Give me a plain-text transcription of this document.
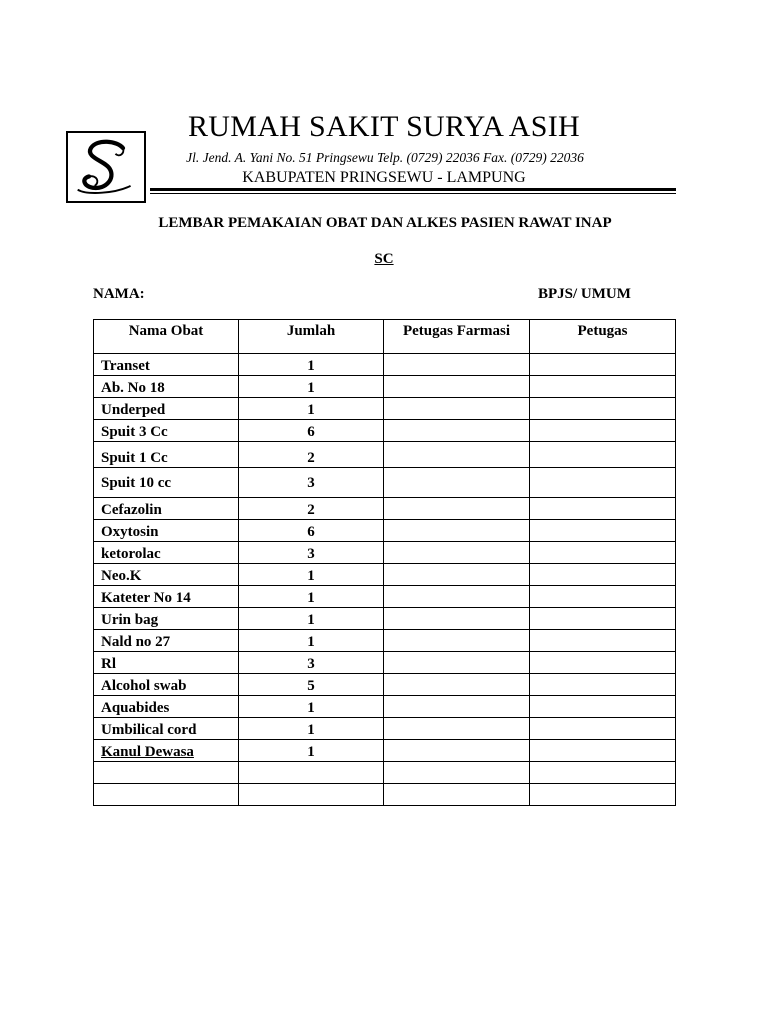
RUMAH SAKIT SURYA ASIH
Jl. Jend. A. Yani No. 51 Pringsewu Telp. (0729) 22036 Fax. (0729) 22036
KABUPATEN PRINGSEWU - LAMPUNG
LEMBAR PEMAKAIAN OBAT DAN ALKES PASIEN RAWAT INAP
SC
NAMA:	BPJS/ UMUM
Nama Obat	Jumlah	Petugas Farmasi	Petugas
Transet	1		
Ab. No 18	1		
Underped	1		
Spuit 3 Cc	6		
Spuit 1 Cc	2		
Spuit 10 cc	3		
Cefazolin	2		
Oxytosin	6		
ketorolac	3		
Neo.K	1		
Kateter No 14	1		
Urin bag	1		
Nald no 27	1		
Rl	3		
Alcohol swab	5		
Aquabides	1		
Umbilical cord	1		
Kanul Dewasa	1		
